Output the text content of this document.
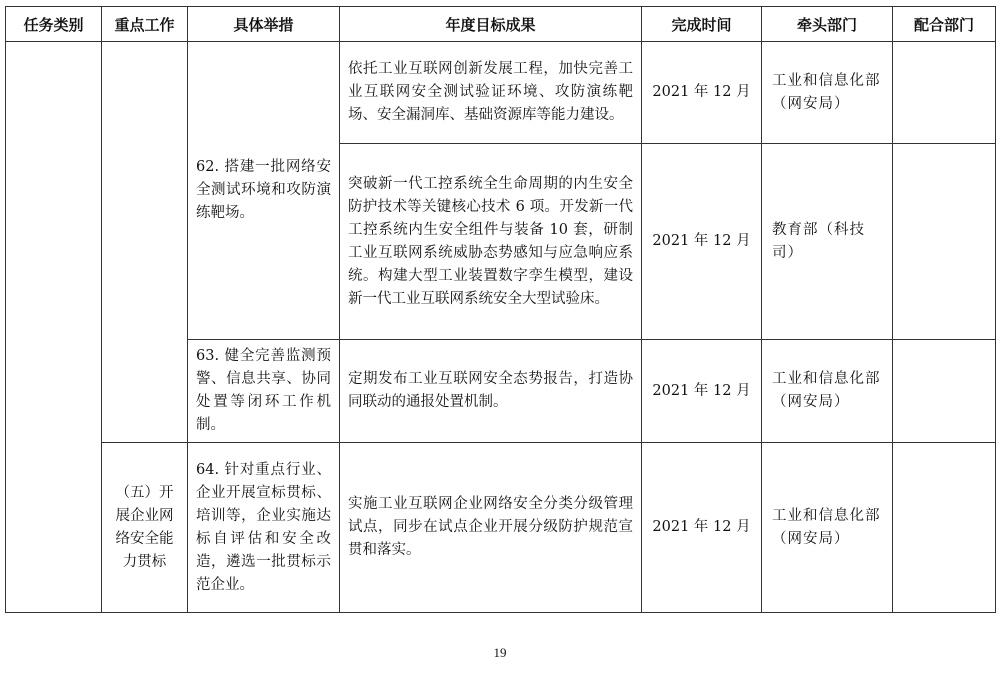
任务类别	重点工作	具体举措	年度目标成果	完成时间	牵头部门	配合部门
		62. 搭建一批网络安全测试环境和攻防演练靶场。	依托工业互联网创新发展工程，加快完善工业互联网安全测试验证环境、攻防演练靶场、安全漏洞库、基础资源库等能力建设。	2021 年 12 月	工业和信息化部（网安局）	
			突破新一代工控系统全生命周期的内生安全防护技术等关键核心技术 6 项。开发新一代工控系统内生安全组件与装备 10 套，研制工业互联网系统威胁态势感知与应急响应系统。构建大型工业装置数字孪生模型，建设新一代工业互联网系统安全大型试验床。	2021 年 12 月	教育部（科技司）	
		63. 健全完善监测预警、信息共享、协同处置等闭环工作机制。	定期发布工业互联网安全态势报告，打造协同联动的通报处置机制。	2021 年 12 月	工业和信息化部（网安局）	
	（五）开展企业网络安全能力贯标	64. 针对重点行业、企业开展宣标贯标、培训等，企业实施达标自评估和安全改造，遴选一批贯标示范企业。	实施工业互联网企业网络安全分类分级管理试点，同步在试点企业开展分级防护规范宣贯和落实。	2021 年 12 月	工业和信息化部（网安局）	
19
